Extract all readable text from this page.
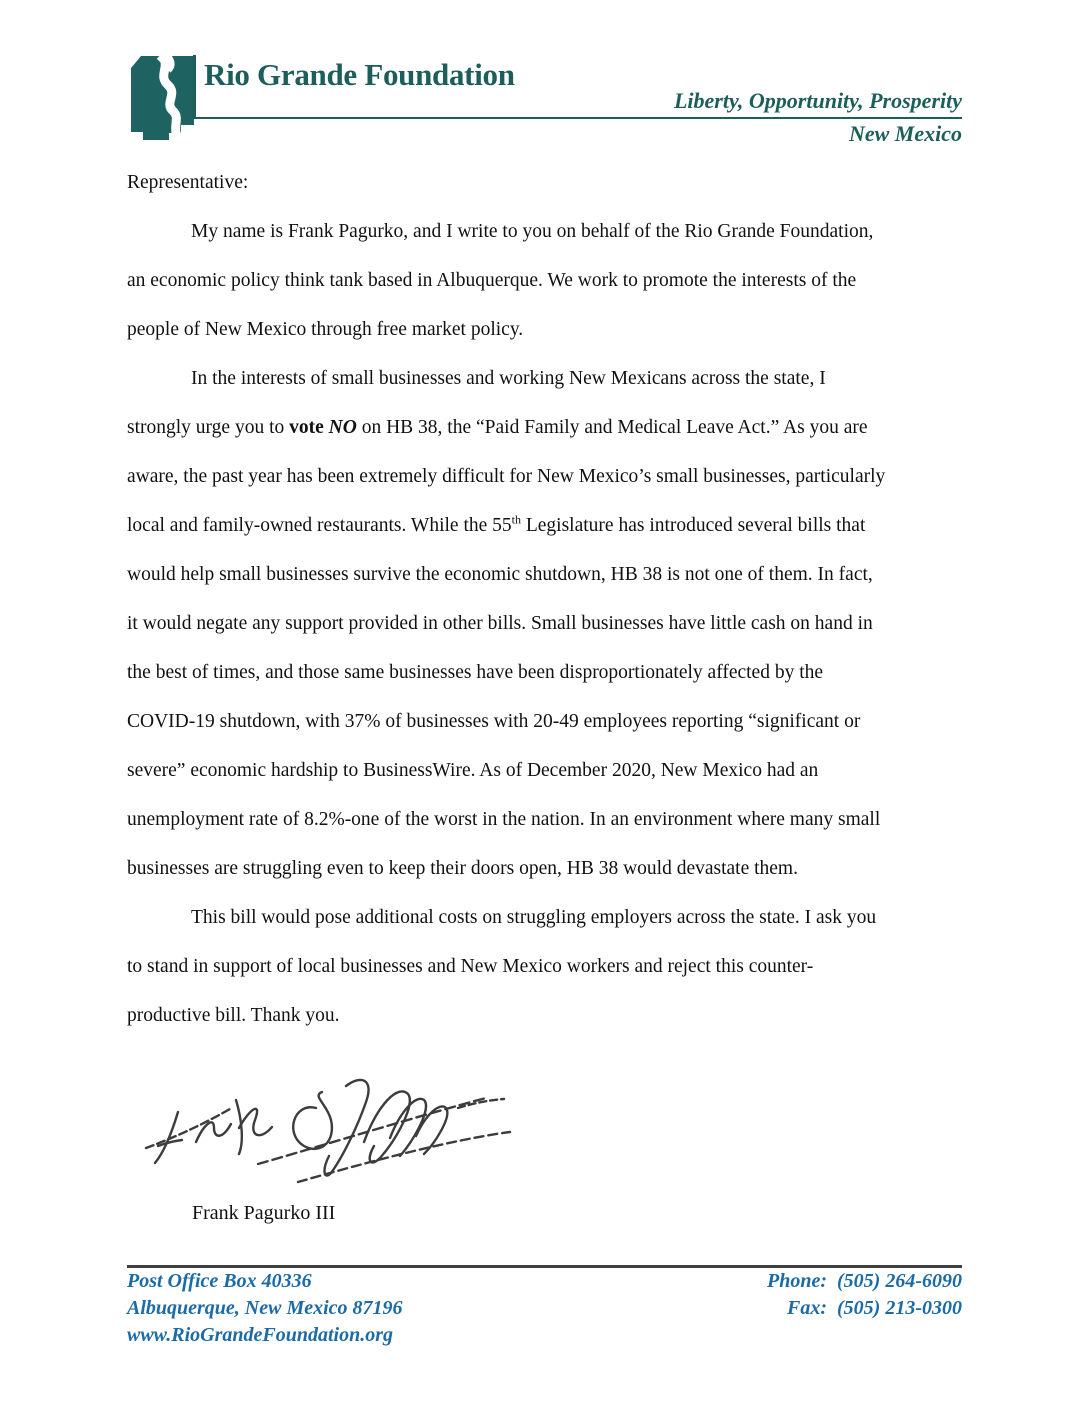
Rio Grande Foundation
Liberty, Opportunity, Prosperity
New Mexico
Representative:
My name is Frank Pagurko, and I write to you on behalf of the Rio Grande Foundation,
an economic policy think tank based in Albuquerque. We work to promote the interests of the
people of New Mexico through free market policy.
In the interests of small businesses and working New Mexicans across the state, I
strongly urge you to vote NO on HB 38, the “Paid Family and Medical Leave Act.” As you are
aware, the past year has been extremely difficult for New Mexico’s small businesses, particularly
local and family-owned restaurants. While the 55th Legislature has introduced several bills that
would help small businesses survive the economic shutdown, HB 38 is not one of them. In fact,
it would negate any support provided in other bills. Small businesses have little cash on hand in
the best of times, and those same businesses have been disproportionately affected by the
COVID-19 shutdown, with 37% of businesses with 20-49 employees reporting “significant or
severe” economic hardship to BusinessWire. As of December 2020, New Mexico had an
unemployment rate of 8.2%-one of the worst in the nation. In an environment where many small
businesses are struggling even to keep their doors open, HB 38 would devastate them.
This bill would pose additional costs on struggling employers across the state. I ask you
to stand in support of local businesses and New Mexico workers and reject this counter-
productive bill. Thank you.
Frank Pagurko III
Post Office Box 40336
Albuquerque, New Mexico 87196
www.RioGrandeFoundation.org
Phone: (505) 264-6090
Fax: (505) 213-0300
